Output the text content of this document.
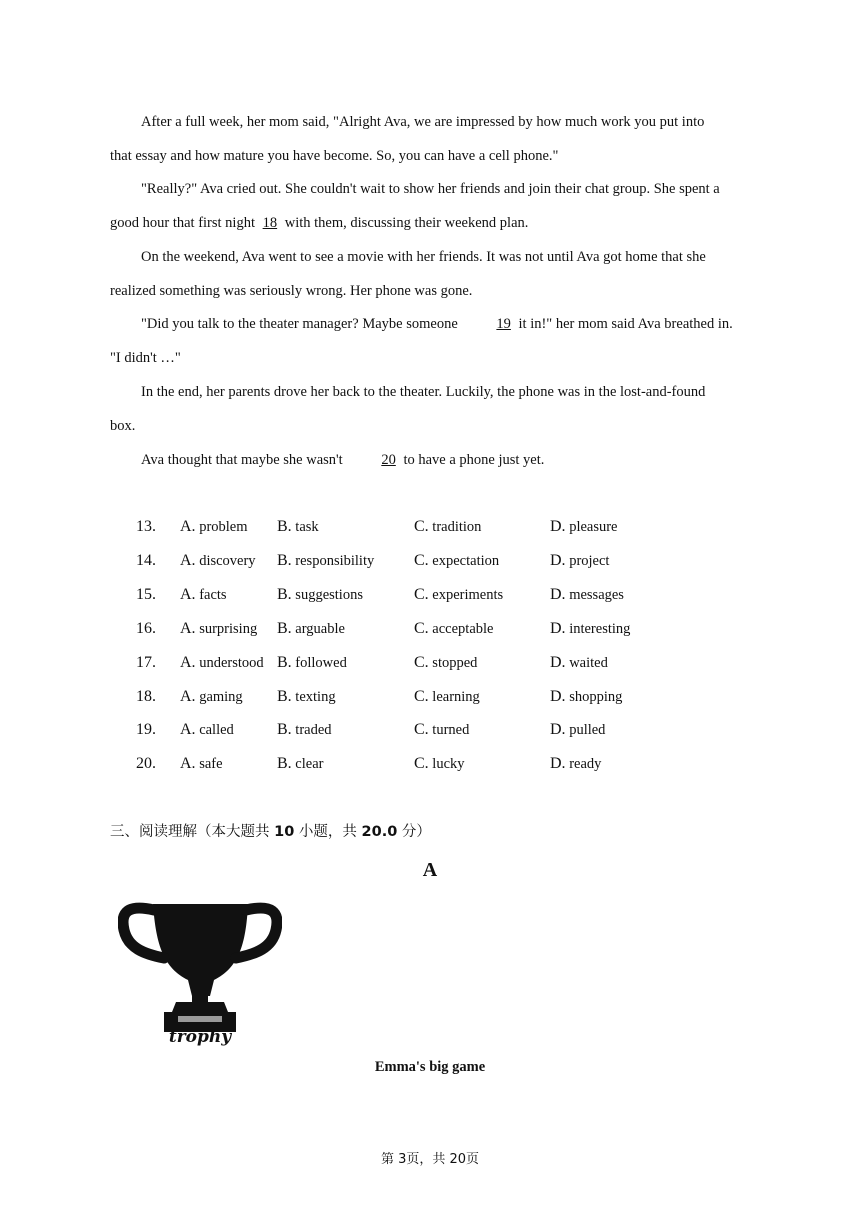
After a full week, her mom said, "Alright Ava, we are impressed by how much work you put into

that essay and how mature you have become. So, you can have a cell phone."

"Really?" Ava cried out. She couldn't wait to show her friends and join their chat group. She spent a

good hour that first night 18 with them, discussing their weekend plan.

On the weekend, Ava went to see a movie with her friends. It was not until Ava got home that she

realized something was seriously wrong. Her phone was gone.

"Did you talk to the theater manager? Maybe someone 19 it in!" her mom said Ava breathed in.

"I didn't …"

In the end, her parents drove her back to the theater. Luckily, the phone was in the lost-and-found

box.

Ava thought that maybe she wasn't 20 to have a phone just yet.

13. A. problem B. task	C. tradition	D. pleasure
14. A. discovery B. responsibility C. expectation	D. project
15. A. facts	B. suggestions	C. experiments	D. messages
16. A. surprising B. arguable	C. acceptable	D. interesting
17. A. understood B. followed	C. stopped	D. waited
18. A. gaming B. texting	C. learning	D. shopping
19. A. called	B. traded	C. turned	D. pulled
20. A. safe	B. clear	C. lucky	D. ready
三、阅读理解（本大题共 10 小题，共 20.0 分）
A
trophy
Emma's big game
第 3页，共 20页
